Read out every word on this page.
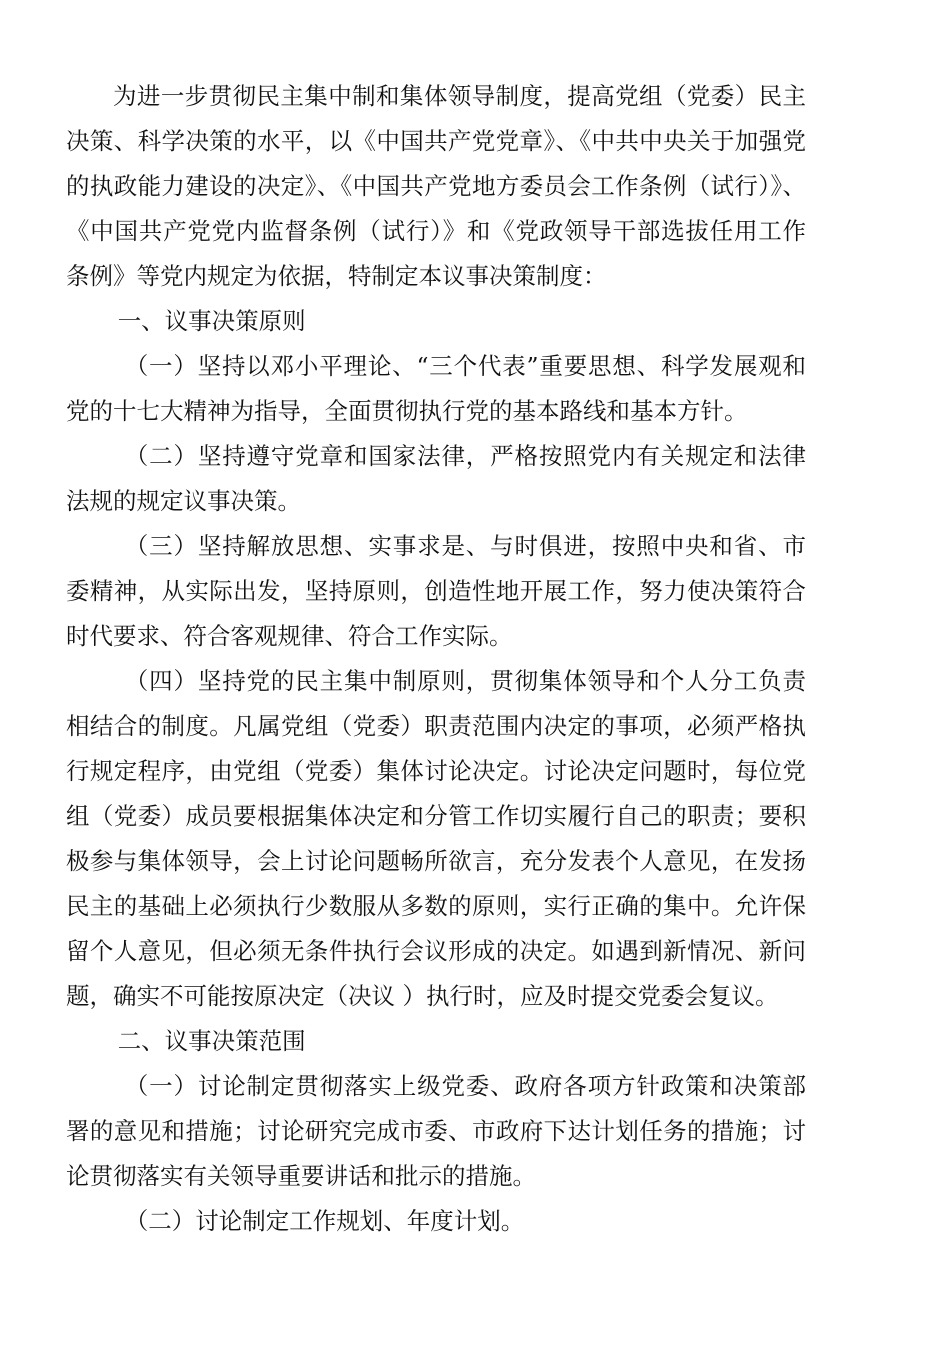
为进一步贯彻民主集中制和集体领导制度，提高党组（党委）民主决策、科学决策的水平，以《中国共产党党章》、《中共中央关于加强党的执政能力建设的决定》、《中国共产党地方委员会工作条例（试行）》、《中国共产党党内监督条例（试行）》和《党政领导干部选拔任用工作条例》等党内规定为依据，特制定本议事决策制度：

一、议事决策原则

（一）坚持以邓小平理论、“三个代表”重要思想、科学发展观和党的十七大精神为指导，全面贯彻执行党的基本路线和基本方针。

（二）坚持遵守党章和国家法律，严格按照党内有关规定和法律法规的规定议事决策。

（三）坚持解放思想、实事求是、与时俱进，按照中央和省、市委精神，从实际出发，坚持原则，创造性地开展工作，努力使决策符合时代要求、符合客观规律、符合工作实际。

（四）坚持党的民主集中制原则，贯彻集体领导和个人分工负责相结合的制度。凡属党组（党委）职责范围内决定的事项，必须严格执行规定程序，由党组（党委）集体讨论决定。讨论决定问题时，每位党组（党委）成员要根据集体决定和分管工作切实履行自己的职责；要积极参与集体领导，会上讨论问题畅所欲言，充分发表个人意见，在发扬民主的基础上必须执行少数服从多数的原则，实行正确的集中。允许保留个人意见，但必须无条件执行会议形成的决定。如遇到新情况、新问题，确实不可能按原决定（决议 ）执行时，应及时提交党委会复议。

二、议事决策范围

（一）讨论制定贯彻落实上级党委、政府各项方针政策和决策部署的意见和措施；讨论研究完成市委、市政府下达计划任务的措施；讨论贯彻落实有关领导重要讲话和批示的措施。

（二）讨论制定工作规划、年度计划。
